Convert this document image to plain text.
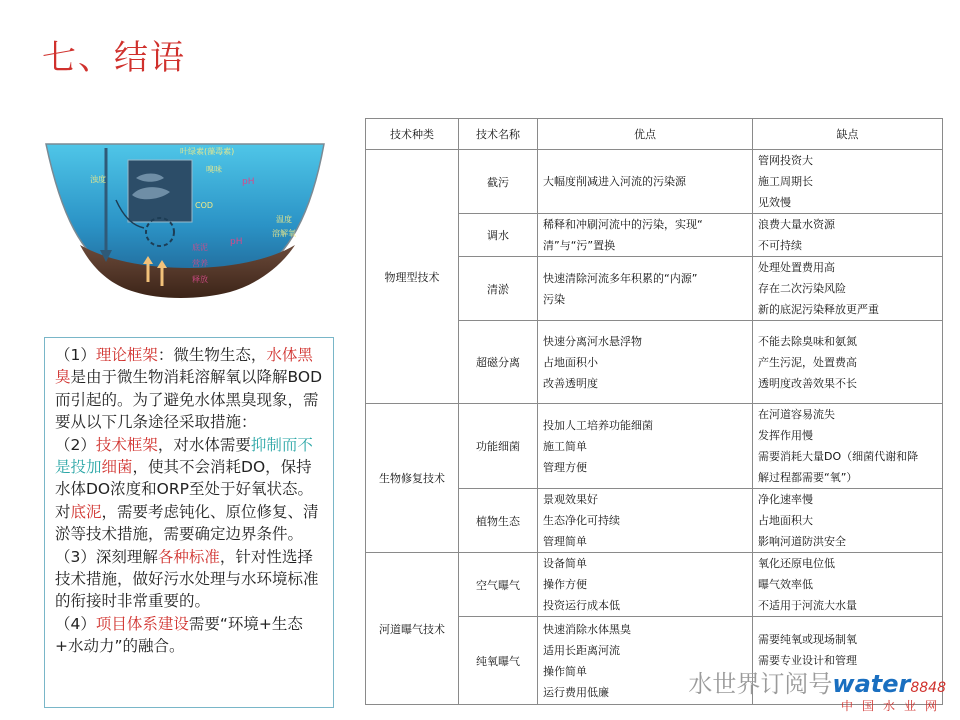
七、结语
叶绿素(藻毒素)
嗅味
pH
浊度
COD
温度
溶解氧
pH
底泥
营养
释放

（1）理论框架：微生物生态，水体黑臭是由于微生物消耗溶解氧以降解BOD而引起的。为了避免水体黑臭现象，需要从以下几条途径采取措施：

（2）技术框架，对水体需要抑制而不是投加细菌，使其不会消耗DO，保持水体DO浓度和ORP至处于好氧状态。对底泥，需要考虑钝化、原位修复、清淤等技术措施，需要确定边界条件。

（3）深刻理解各种标准，针对性选择技术措施，做好污水处理与水环境标准的衔接时非常重要的。

（4）项目体系建设需要“环境+生态+水动力”的融合。

技术种类	技术名称	优点	缺点
物理型技术	截污	大幅度削减进入河流的污染源	管网投资大
施工周期长
见效慢

	调水	稀释和冲刷河流中的污染，实现“
清”与“污”置换	浪费大量水资源
不可持续

	清淤	快速清除河流多年积累的“内源”
污染	处理处置费用高
存在二次污染风险
新的底泥污染释放更严重

	超磁分离	快速分离河水悬浮物
占地面积小
改善透明度	不能去除臭味和氨氮
产生污泥，处置费高
透明度改善效果不长

生物修复技术	功能细菌	投加人工培养功能细菌
施工简单
管理方便	在河道容易流失
发挥作用慢
需要消耗大量DO（细菌代谢和降
解过程都需要“氧”）

	植物生态	景观效果好
生态净化可持续
管理简单	净化速率慢
占地面积大
影响河道防洪安全

河道曝气技术	空气曝气	设备简单
操作方便
投资运行成本低	氧化还原电位低
曝气效率低
不适用于河流大水量

	纯氧曝气	快速消除水体黑臭
适用长距离河流
操作简单
运行费用低廉	需要纯氧或现场制氧
需要专业设计和管理

水世界订阅号water8848
中国水业网
